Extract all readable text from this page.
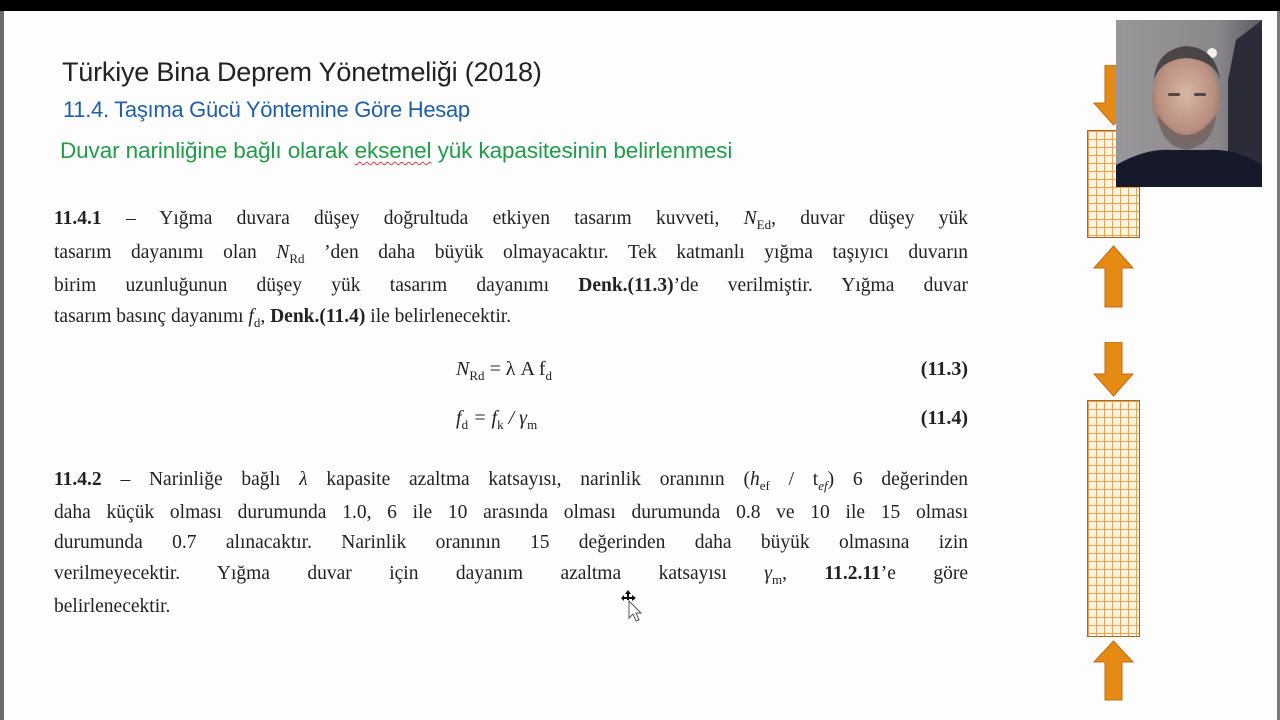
Türkiye Bina Deprem Yönetmeliği (2018)
11.4. Taşıma Gücü Yöntemine Göre Hesap
Duvar narinliğine bağlı olarak eksenel yük kapasitesinin belirlenmesi
11.4.1 – Yığma duvara düşey doğrultuda etkiyen tasarım kuvveti, $N_{Ed}$, duvar düşey yük
tasarım dayanımı olan $N_{Rd}$ ’den daha büyük olmayacaktır. Tek katmanlı yığma taşıyıcı duvarın
birim uzunluğunun düşey yük tasarım dayanımı Denk.(11.3)’de verilmiştir. Yığma duvar
tasarım basınç dayanımı $f_d$, Denk.(11.4) ile belirlenecektir.
$N_{Rd} = \lambda$ A $f_d$	(11.3)
$f_d = f_k / \gamma_m$	(11.4)
11.4.2 – Narinliğe bağlı λ kapasite azaltma katsayısı, narinlik oranının $(h_{ef} / t_{ef})$ 6 değerinden
daha küçük olması durumunda 1.0, 6 ile 10 arasında olması durumunda 0.8 ve 10 ile 15 olması
durumunda 0.7 alınacaktır. Narinlik oranının 15 değerinden daha büyük olmasına izin
verilmeyecektir. Yığma duvar için dayanım azaltma katsayısı $\gamma_m$, 11.2.11’e göre
belirlenecektir.
